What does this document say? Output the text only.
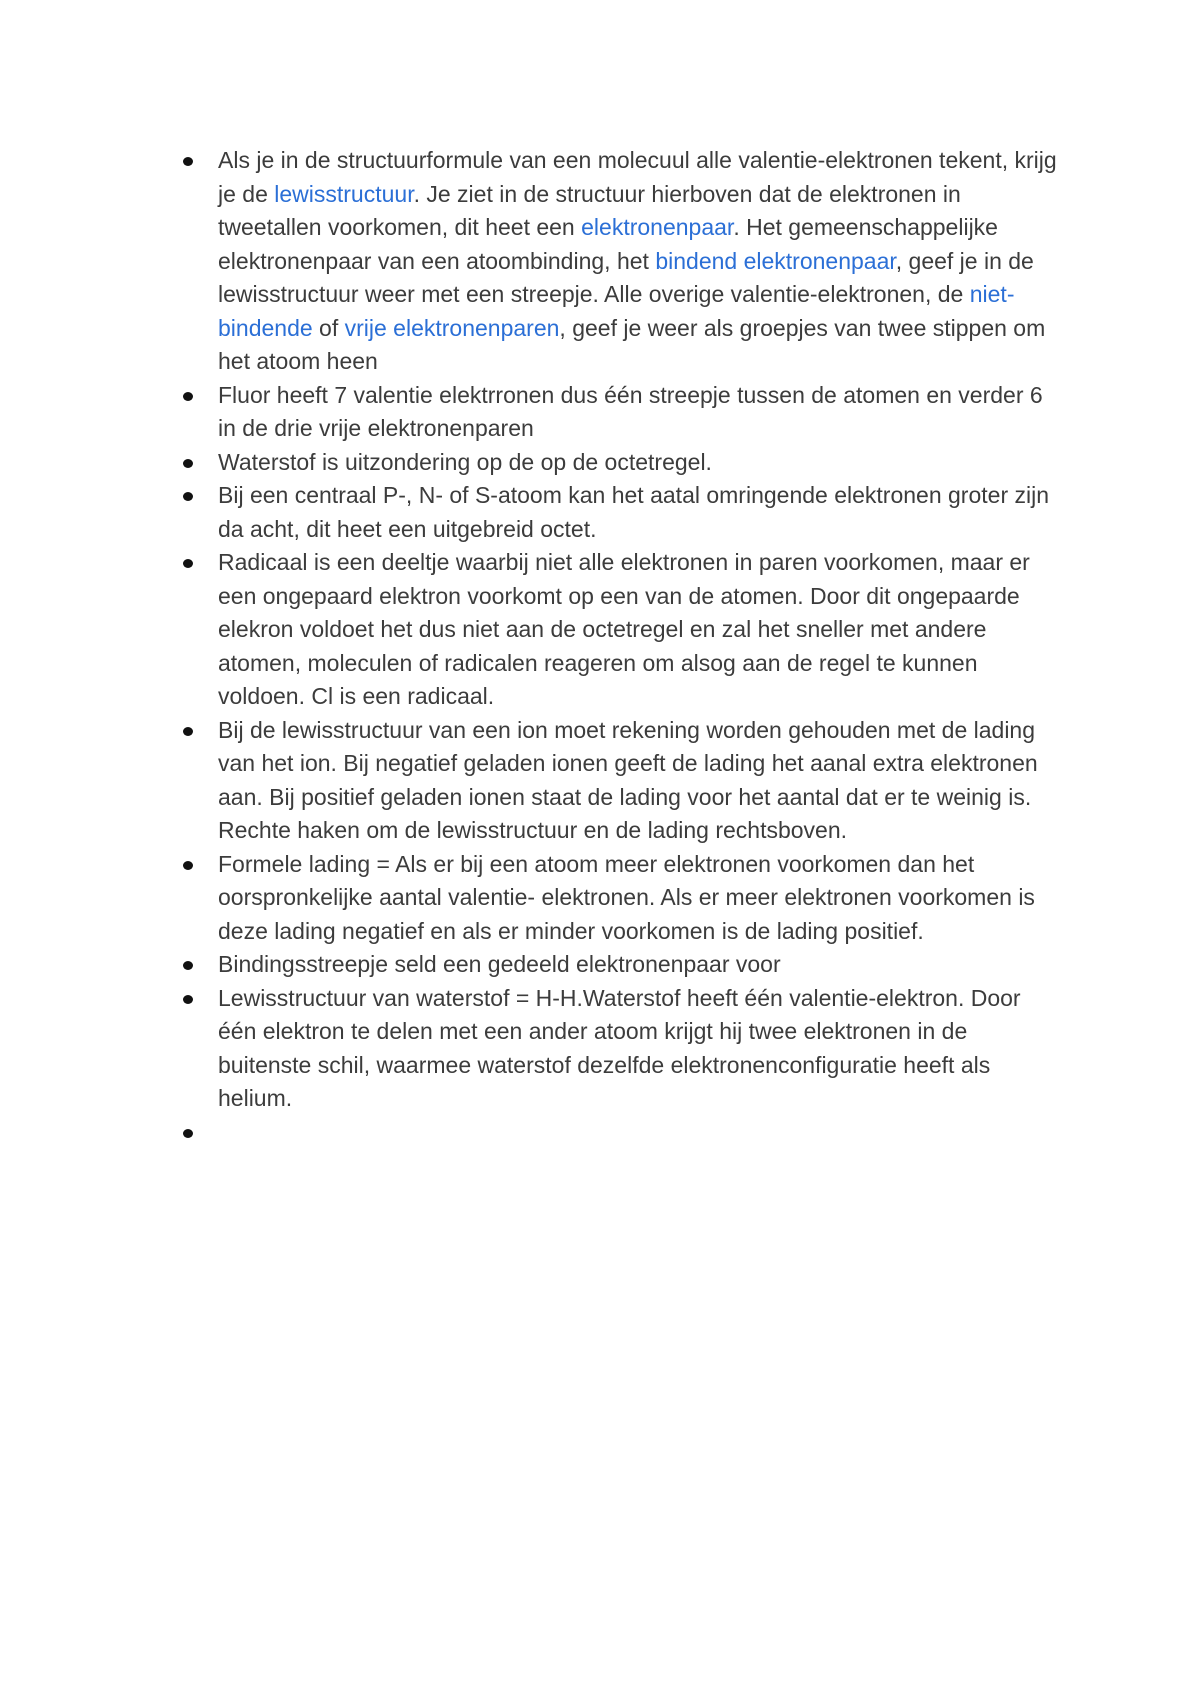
Als je in de structuurformule van een molecuul alle valentie-elektronen tekent, krijg je de lewisstructuur. Je ziet in de structuur hierboven dat de elektronen in tweetallen voorkomen, dit heet een elektronenpaar. Het gemeenschappelijke elektronenpaar van een atoombinding, het bindend elektronenpaar, geef je in de lewisstructuur weer met een streepje. Alle overige valentie-elektronen, de niet-bindende of vrije elektronenparen, geef je weer als groepjes van twee stippen om het atoom heen
Fluor heeft 7 valentie elektrronen dus één streepje tussen de atomen en verder 6 in de drie vrije elektronenparen
Waterstof is uitzondering op de op de octetregel.
Bij een centraal P-, N- of S-atoom kan het aatal omringende elektronen groter zijn da acht, dit heet een uitgebreid octet.
Radicaal is een deeltje waarbij niet alle elektronen in paren voorkomen, maar er een ongepaard elektron voorkomt op een van de atomen. Door dit ongepaarde elekron voldoet het dus niet aan de octetregel en zal het sneller met andere atomen, moleculen of radicalen reageren om alsog aan de regel te kunnen voldoen. Cl is een radicaal.
Bij de lewisstructuur van een ion moet rekening worden gehouden met de lading van het ion. Bij negatief geladen ionen geeft de lading het aanal extra elektronen aan. Bij positief geladen ionen staat de lading voor het aantal dat er te weinig is. Rechte haken om de lewisstructuur en de lading rechtsboven.
Formele lading = Als er bij een atoom meer elektronen voorkomen dan het oorspronkelijke aantal valentie- elektronen. Als er meer elektronen voorkomen is deze lading negatief en als er minder voorkomen is de lading positief.
Bindingsstreepje seld een gedeeld elektronenpaar voor
Lewisstructuur van waterstof = H-H.Waterstof heeft één valentie-elektron. Door één elektron te delen met een ander atoom krijgt hij twee elektronen in de buitenste schil, waarmee waterstof dezelfde elektronenconfiguratie heeft als helium.
